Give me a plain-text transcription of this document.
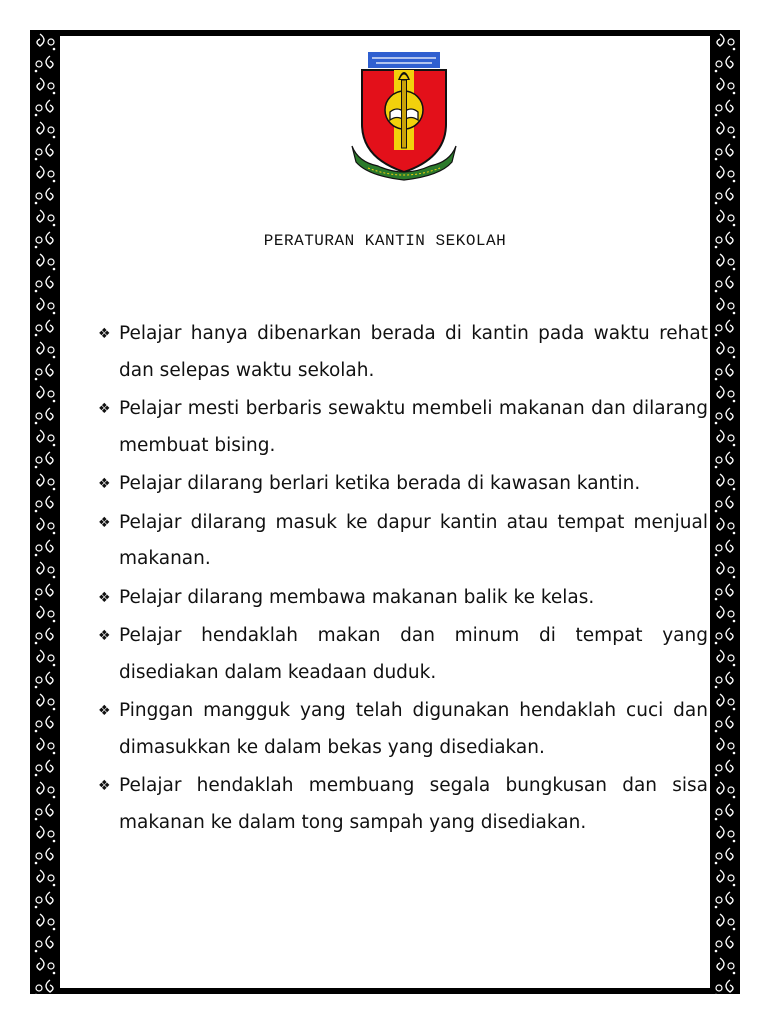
PERATURAN KANTIN SEKOLAH
❖ Pelajar hanya dibenarkan berada di kantin pada waktu rehat dan selepas waktu sekolah.
❖ Pelajar mesti berbaris sewaktu membeli makanan dan dilarang membuat bising.
❖ Pelajar dilarang berlari ketika berada di kawasan kantin.
❖ Pelajar dilarang masuk ke dapur kantin atau tempat menjual makanan.
❖ Pelajar dilarang membawa makanan balik ke kelas.
❖ Pelajar hendaklah makan dan minum di tempat yang disediakan dalam keadaan duduk.
❖ Pinggan mangguk yang telah digunakan hendaklah cuci dan dimasukkan ke dalam bekas yang disediakan.
❖ Pelajar hendaklah membuang segala bungkusan dan sisa makanan ke dalam tong sampah yang disediakan.
